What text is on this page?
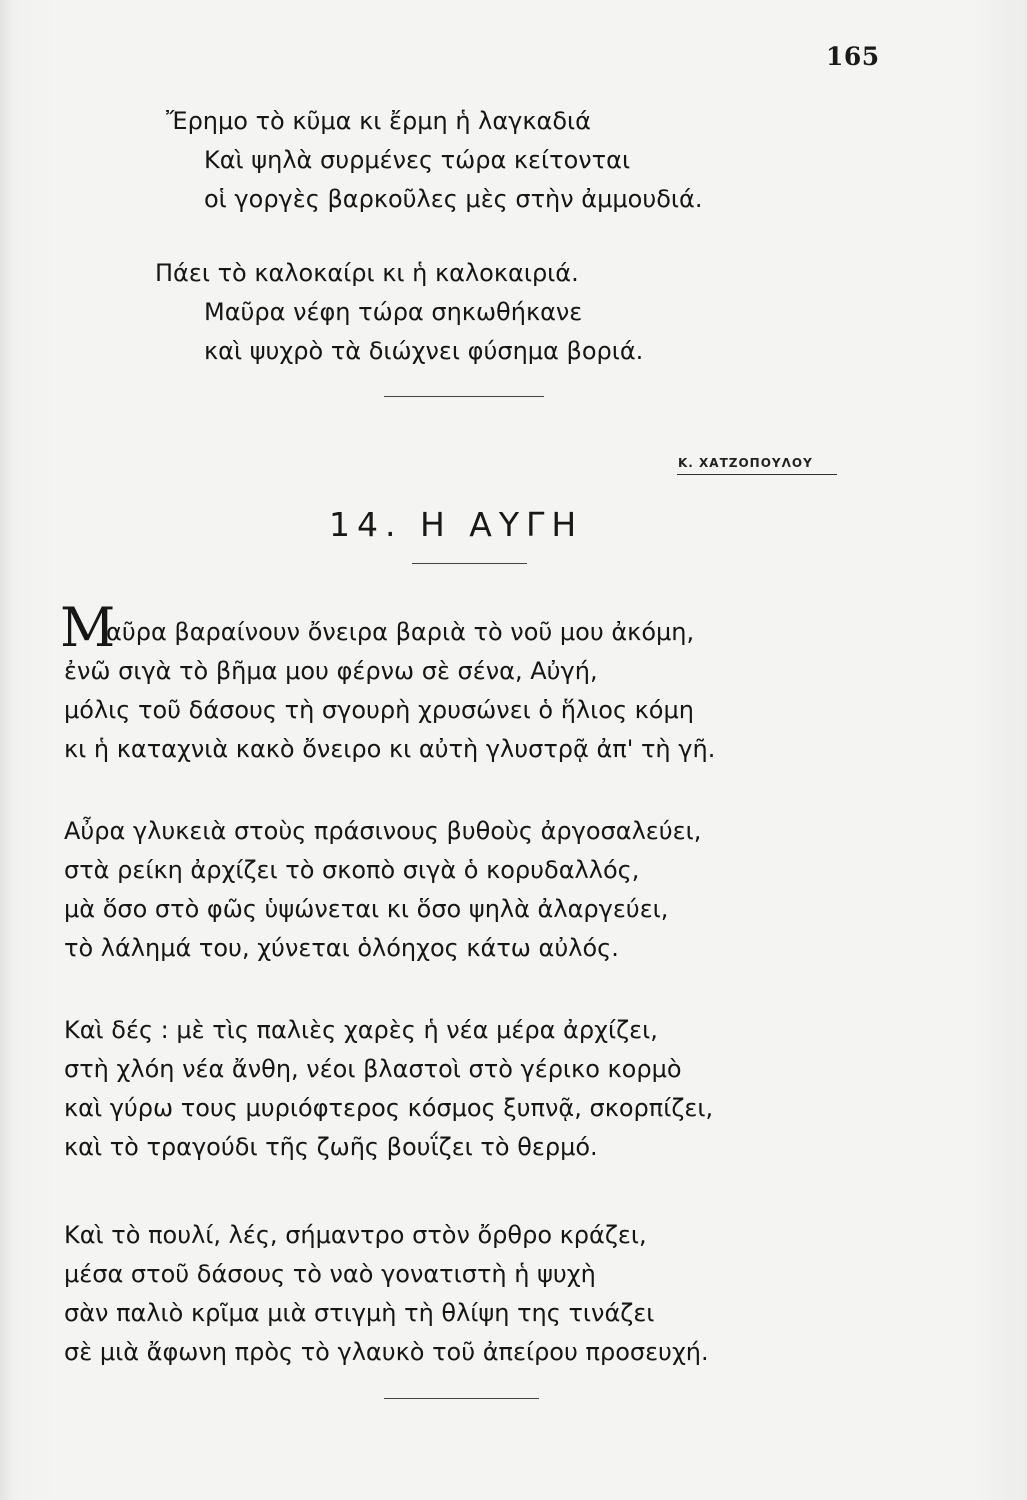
165
Ἔρημο τὸ κῦμα κι ἔρμη ἡ λαγκαδιά
Καὶ ψηλὰ συρμένες τώρα κείτονται
οἱ γοργὲς βαρκοῦλες μὲς στὴν ἀμμουδιά.
Πάει τὸ καλοκαίρι κι ἡ καλοκαιριά.
Μαῦρα νέφη τώρα σηκωθήκανε
καὶ ψυχρὸ τὰ διώχνει φύσημα βοριά.
Κ. ΧΑΤΖΟΠΟΥΛΟΥ
14. Η ΑΥΓΗ
Μ
αῦρα βαραίνουν ὄνειρα βαριὰ τὸ νοῦ μου ἀκόμη,
ἐνῶ σιγὰ τὸ βῆμα μου φέρνω σὲ σένα, Αὐγή,
μόλις τοῦ δάσους τὴ σγουρὴ χρυσώνει ὁ ἥλιος κόμη
κι ἡ καταχνιὰ κακὸ ὄνειρο κι αὐτὴ γλυστρᾷ ἀπ' τὴ γῆ.
Αὖρα γλυκειὰ στοὺς πράσινους βυθοὺς ἀργοσαλεύει,
στὰ ρείκη ἀρχίζει τὸ σκοπὸ σιγὰ ὁ κορυδαλλός,
μὰ ὅσο στὸ φῶς ὑψώνεται κι ὅσο ψηλὰ ἀλαργεύει,
τὸ λάλημά του, χύνεται ὁλόηχος κάτω αὐλός.
Καὶ δές : μὲ τὶς παλιὲς χαρὲς ἡ νέα μέρα ἀρχίζει,
στὴ χλόη νέα ἄνθη, νέοι βλαστοὶ στὸ γέρικο κορμὸ
καὶ γύρω τους μυριόφτερος κόσμος ξυπνᾷ, σκορπίζει,
καὶ τὸ τραγούδι τῆς ζωῆς βουΐζει τὸ θερμό.
Καὶ τὸ πουλί, λές, σήμαντρο στὸν ὄρθρο κράζει,
μέσα στοῦ δάσους τὸ ναὸ γονατιστὴ ἡ ψυχὴ
σὰν παλιὸ κρῖμα μιὰ στιγμὴ τὴ θλίψη της τινάζει
σὲ μιὰ ἄφωνη πρὸς τὸ γλαυκὸ τοῦ ἀπείρου προσευχή.
